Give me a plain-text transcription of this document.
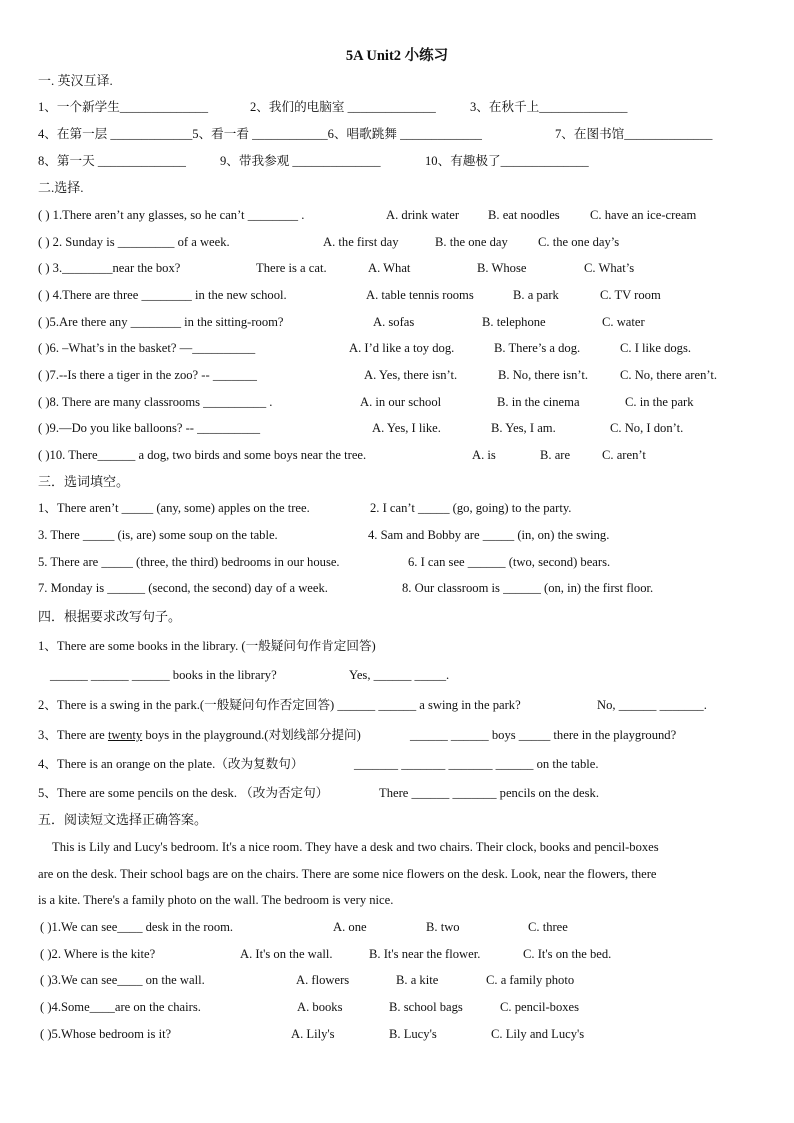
5A Unit2 小练习
一. 英汉互译.
1、一个新学生______________	2、我们的电脑室 ______________	3、在秋千上______________
4、在第一层 _____________5、看一看 ____________6、唱歌跳舞 _____________	7、在图书馆______________
8、第一天 ______________	9、带我参观 ______________	10、有趣极了______________
二.选择.
( ) 1.There aren’t any glasses, so he can’t ________ .	A. drink water B. eat noodles C. have an ice-cream
( ) 2. Sunday is _________ of a week.	A. the first day	B. the one day C. the one day’s
( ) 3.________near the box?	There is a cat.	A. What	B. Whose	C. What’s
( ) 4.There are three ________ in the new school.	A. table tennis rooms	B. a park	C. TV room
( )5.Are there any ________ in the sitting-room?	A. sofas	B. telephone	C. water
( )6. –What’s in the basket? —__________	A. I’d like a toy dog.	B. There’s a dog.	C. I like dogs.
( )7.--Is there a tiger in the zoo? -- _______	A. Yes, there isn’t.	B. No, there isn’t.	C. No, there aren’t.
( )8. There are many classrooms __________ .	A. in our school	B. in the cinema	C. in the park
( )9.—Do you like balloons? -- __________	A. Yes, I like.	B. Yes, I am.	C. No, I don’t.
( )10. There______ a dog, two birds and some boys near the tree.	A. is	B. are	C. aren’t
三．选词填空。
1、There aren’t _____ (any, some) apples on the tree.	2. I can’t _____ (go, going) to the party.
3. There _____ (is, are) some soup on the table.	4. Sam and Bobby are _____ (in, on) the swing.
5. There are _____ (three, the third) bedrooms in our house.	6. I can see ______ (two, second) bears.
7. Monday is ______ (second, the second) day of a week.	8. Our classroom is ______ (on, in) the first floor.
四．根据要求改写句子。
1、There are some books in the library. (一般疑问句作肯定回答)
______ ______ ______ books in the library?	Yes, ______ _____.
2、There is a swing in the park.(一般疑问句作否定回答) ______ ______ a swing in the park?	No, ______ _______.
3、There are twenty boys in the playground.(对划线部分提问)	______ ______ boys _____ there in the playground?
4、There is an orange on the plate.（改为复数句）	_______ _______ _______ ______ on the table.
5、There are some pencils on the desk. （改为否定句）	There ______ _______ pencils on the desk.
五．阅读短文选择正确答案。
This is Lily and Lucy's bedroom. It's a nice room. They have a desk and two chairs. Their clock, books and pencil-boxes
are on the desk. Their school bags are on the chairs. There are some nice flowers on the desk. Look, near the flowers, there
is a kite. There's a family photo on the wall. The bedroom is very nice.
( )1.We can see____ desk in the room.	A. one	B. two	C. three
( )2. Where is the kite?	A. It's on the wall.	B. It's near the flower.	C. It's on the bed.
( )3.We can see____ on the wall.	A. flowers	B. a kite	C. a family photo
( )4.Some____are on the chairs.	A. books	B. school bags	C. pencil-boxes
( )5.Whose bedroom is it?	A. Lily's	B. Lucy's	C. Lily and Lucy's
